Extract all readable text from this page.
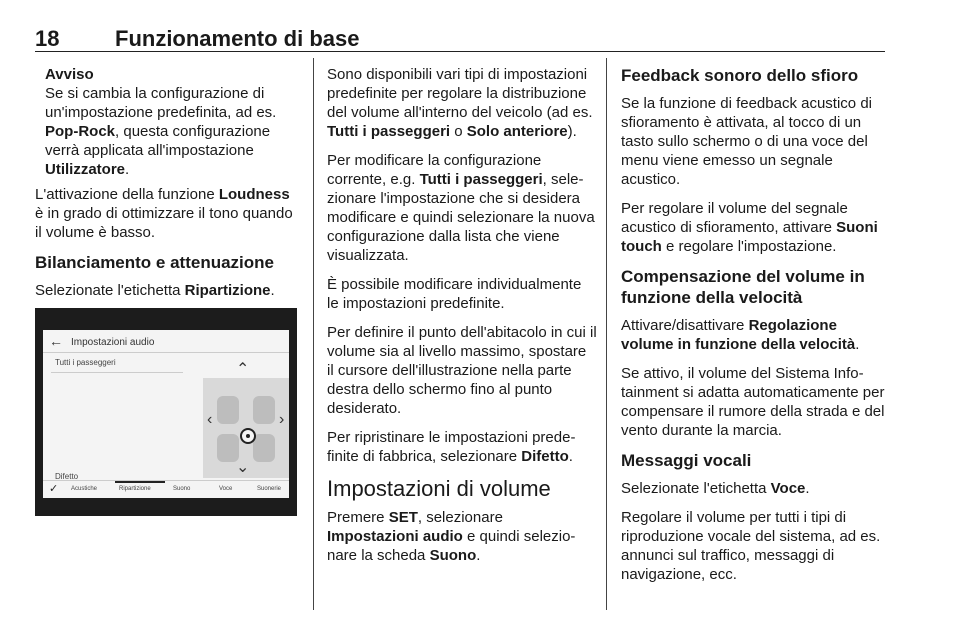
18	Funzionamento di base
Avviso
Se si cambia la configurazione di un'impostazione predefinita, ad es. Pop-Rock, questa configurazione verrà applicata all'impostazione Utilizzatore.

L'attivazione della funzione Loudness è in grado di ottimizzare il tono quando il volume è basso.

Bilanciamento e attenuazione

Selezionate l'etichetta Ripartizione.

← Impostazioni audio
Tutti i passeggeri	⌃
⌄
‹	›
Difetto
✓ Acustiche	Ripartizione	Suono	Voce	Suonerie

Sono disponibili vari tipi di impostazioni predefinite per regolare la distribuzione del volume all'interno del veicolo (ad es. Tutti i passeggeri o Solo anteriore).

Per modificare la configurazione corrente, e.g. Tutti i passeggeri, selezionare l'impostazione che si desidera modificare e quindi selezionare la nuova configurazione dalla lista che viene visualizzata.

È possibile modificare individualmente le impostazioni predefinite.

Per definire il punto dell'abitacolo in cui il volume sia al livello massimo, spostare il cursore dell'illustrazione nella parte destra dello schermo fino al punto desiderato.

Per ripristinare le impostazioni predefinite di fabbrica, selezionare Difetto.

Impostazioni di volume

Premere SET, selezionare Impostazioni audio e quindi selezionare la scheda Suono.

Feedback sonoro dello sfioro

Se la funzione di feedback acustico di sfioramento è attivata, al tocco di un tasto sullo schermo o di una voce del menu viene emesso un segnale acustico.

Per regolare il volume del segnale acustico di sfioramento, attivare Suoni touch e regolare l'impostazione.

Compensazione del volume in funzione della velocità

Attivare/disattivare Regolazione volume in funzione della velocità.

Se attivo, il volume del Sistema Infotainment si adatta automaticamente per compensare il rumore della strada e del vento durante la marcia.

Messaggi vocali

Selezionate l'etichetta Voce.

Regolare il volume per tutti i tipi di riproduzione vocale del sistema, ad es. annunci sul traffico, messaggi di navigazione, ecc.
